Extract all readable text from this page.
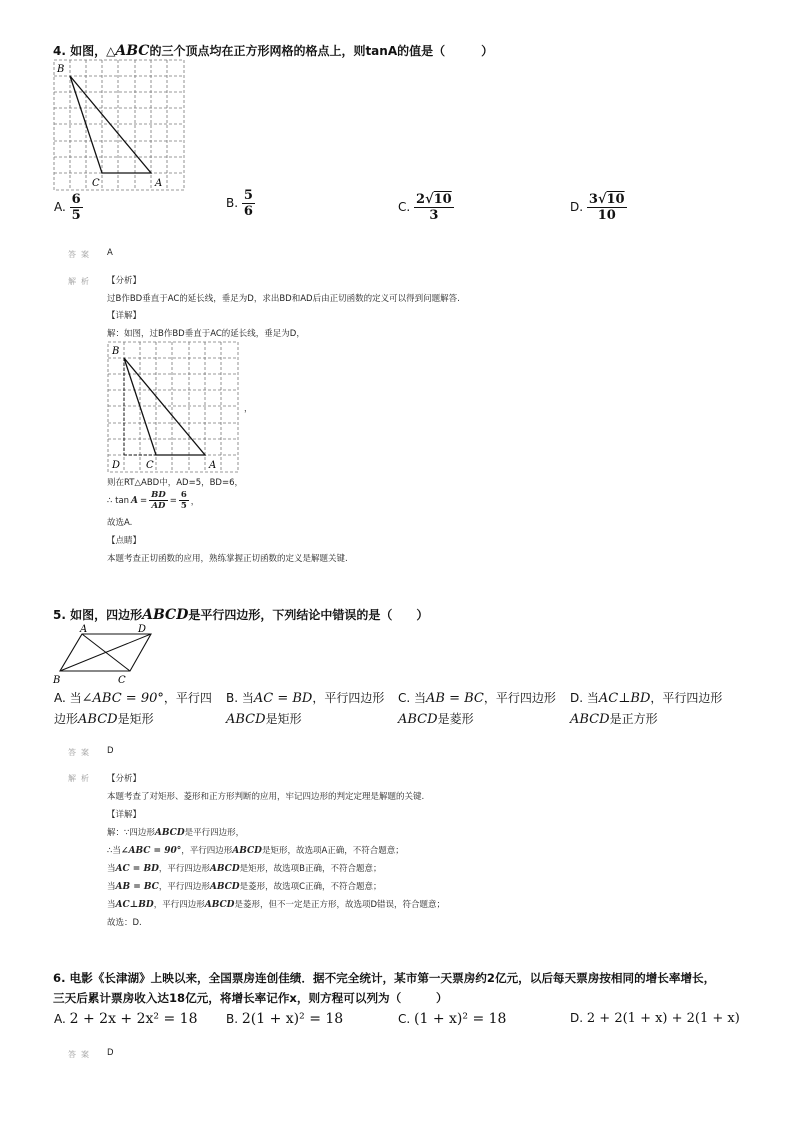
4. 如图，△ABC的三个顶点均在正方形网格的格点上，则tanA的值是（　　　）
B
C	A
A. $\frac{6}{5}$	B. $\frac{5}{6}$	C. $\frac{2√10}{3}$	D. $\frac{3√10}{10}$
答案 A
解析 【分析】
过B作BD垂直于AC的延长线，垂足为D，求出BD和AD后由正切函数的定义可以得到问题解答.
【详解】
解：如图，过B作BD垂直于AC的延长线，垂足为D，
B
D	C	A
，
则在RT△ABD中，AD=5，BD=6，
∴ $\tan A = \frac{BD}{AD} = \frac{6}{5}$ ，
故选A.
【点睛】
本题考查正切函数的应用，熟练掌握正切函数的定义是解题关键.
5. 如图，四边形ABCD是平行四边形，下列结论中错误的是（　　）
A	D
B	C
A. 当∠ABC = 90°，平行四边形ABCD是矩形
B. 当AC = BD，平行四边形ABCD是矩形
C. 当AB = BC，平行四边形ABCD是菱形
D. 当AC⊥BD，平行四边形ABCD是正方形
答案 D
解析 【分析】
本题考查了对矩形、菱形和正方形判断的应用，牢记四边形的判定定理是解题的关键.
【详解】
解：∵四边形ABCD是平行四边形，
∴当∠ABC = 90°，平行四边形ABCD是矩形，故选项A正确，不符合题意；
当AC = BD，平行四边形ABCD是矩形，故选项B正确，不符合题意；
当AB = BC，平行四边形ABCD是菱形，故选项C正确，不符合题意；
当AC⊥BD，平行四边形ABCD是菱形，但不一定是正方形，故选项D错误，符合题意；
故选：D.
6. 电影《长津湖》上映以来，全国票房连创佳绩．据不完全统计，某市第一天票房约2亿元，以后每天票房按相同的增长率增长，
三天后累计票房收入达18亿元，将增长率记作x，则方程可以列为（　　　）
A. 2 + 2x + 2x² = 18 B. 2(1 + x)² = 18	C. (1 + x)² = 18	D. 2 + 2(1 + x) + 2(1 + x)
答案 D
